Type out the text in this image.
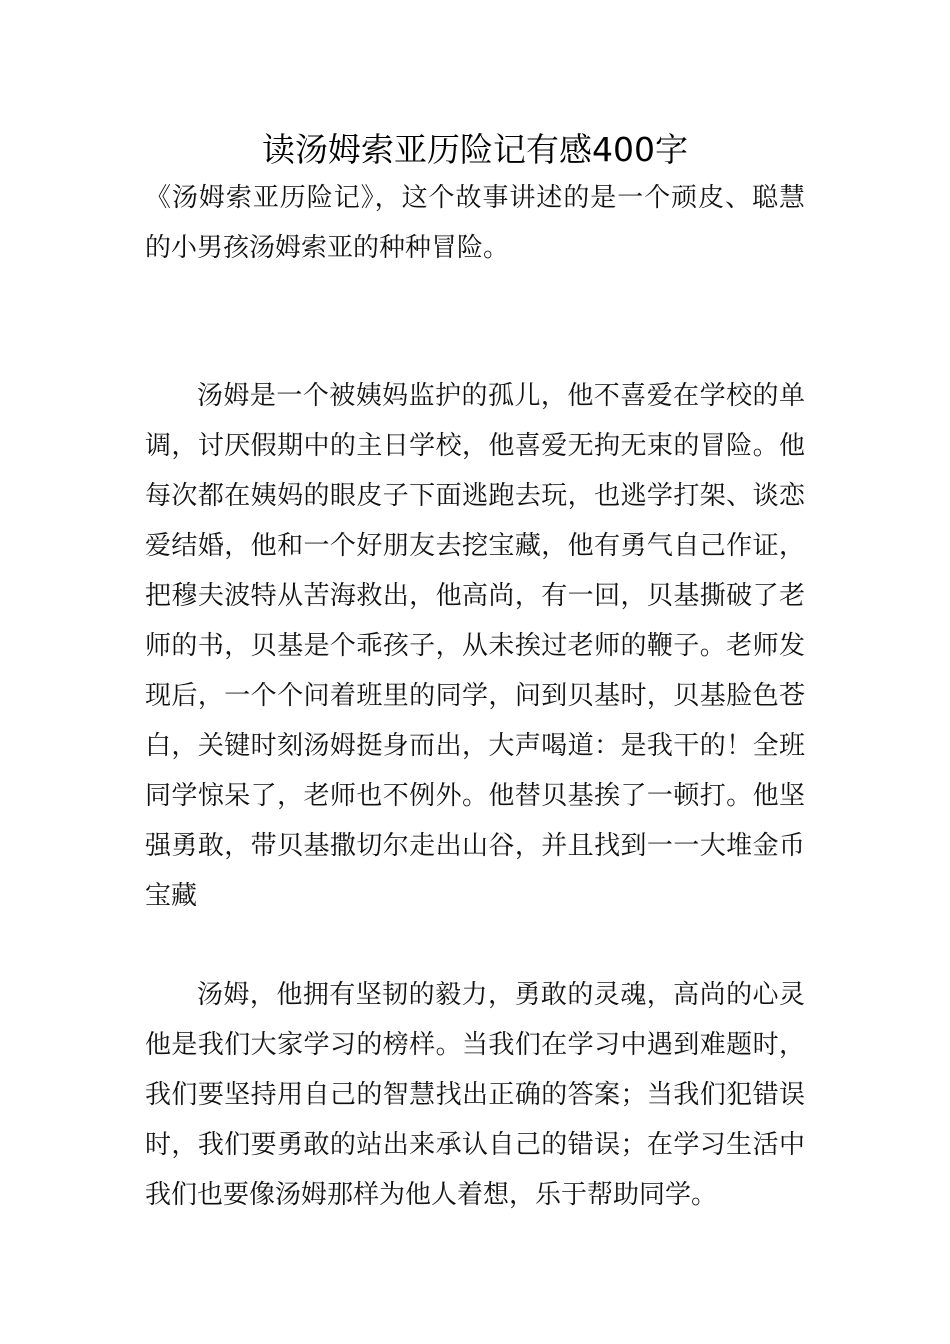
读汤姆索亚历险记有感400字

《汤姆索亚历险记》，这个故事讲述的是一个顽皮、聪慧的小男孩汤姆索亚的种种冒险。

汤姆是一个被姨妈监护的孤儿，他不喜爱在学校的单调，讨厌假期中的主日学校，他喜爱无拘无束的冒险。他每次都在姨妈的眼皮子下面逃跑去玩，也逃学打架、谈恋爱结婚，他和一个好朋友去挖宝藏，他有勇气自己作证，把穆夫波特从苦海救出，他高尚，有一回，贝基撕破了老师的书，贝基是个乖孩子，从未挨过老师的鞭子。老师发现后，一个个问着班里的同学，问到贝基时，贝基脸色苍白，关键时刻汤姆挺身而出，大声喝道：是我干的！全班同学惊呆了，老师也不例外。他替贝基挨了一顿打。他坚强勇敢，带贝基撒切尔走出山谷，并且找到一一大堆金币宝藏

汤姆，他拥有坚韧的毅力，勇敢的灵魂，高尚的心灵他是我们大家学习的榜样。当我们在学习中遇到难题时，我们要坚持用自己的智慧找出正确的答案；当我们犯错误时，我们要勇敢的站出来承认自己的错误；在学习生活中我们也要像汤姆那样为他人着想，乐于帮助同学。
